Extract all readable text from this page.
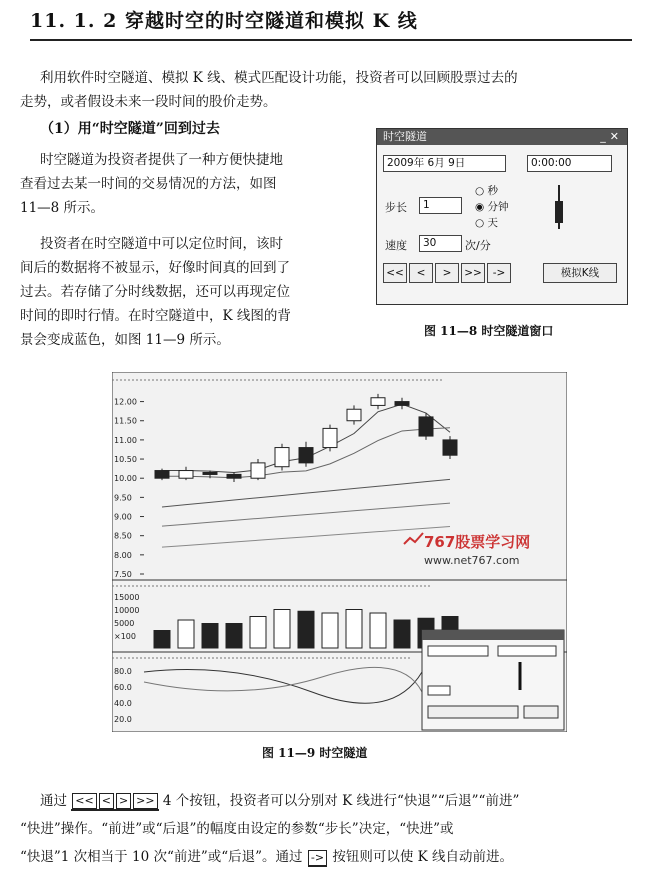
11. 1. 2 穿越时空的时空隧道和模拟 K 线
利用软件时空隧道、模拟 K 线、模式匹配设计功能，投资者可以回顾股票过去的
走势，或者假设未来一段时间的股价走势。
（1）用“时空隧道”回到过去
时空隧道为投资者提供了一种方便快捷地
查看过去某一时间的交易情况的方法，如图
11—8 所示。
投资者在时空隧道中可以定位时间，该时
间后的数据将不被显示，好像时间真的回到了
过去。若存储了分时线数据，还可以再现定位
时间的即时行情。在时空隧道中，K 线图的背
景会变成蓝色，如图 11—9 所示。
时空隧道	_✕
2009年 6月 9日	0:00:00
步长	1
○ 秒
◉ 分钟
○ 天
速度	30	次/分
<<	<	>	>>	->	模拟K线
图 11—8 时空隧道窗口
12.00
11.50
11.00
10.50
10.00
9.50
9.00
8.50
8.00
7.50
15000
10000
5000
×100
80.0
60.0
40.0
20.0
767股票学习网
www.net767.com
图 11—9 时空隧道
通过 << < > >> 4 个按钮，投资者可以分别对 K 线进行“快退”“后退”“前进”
“快进”操作。“前进”或“后退”的幅度由设定的参数“步长”决定，“快进”或
“快退”1 次相当于 10 次“前进”或“后退”。通过 -> 按钮则可以使 K 线自动前进。
